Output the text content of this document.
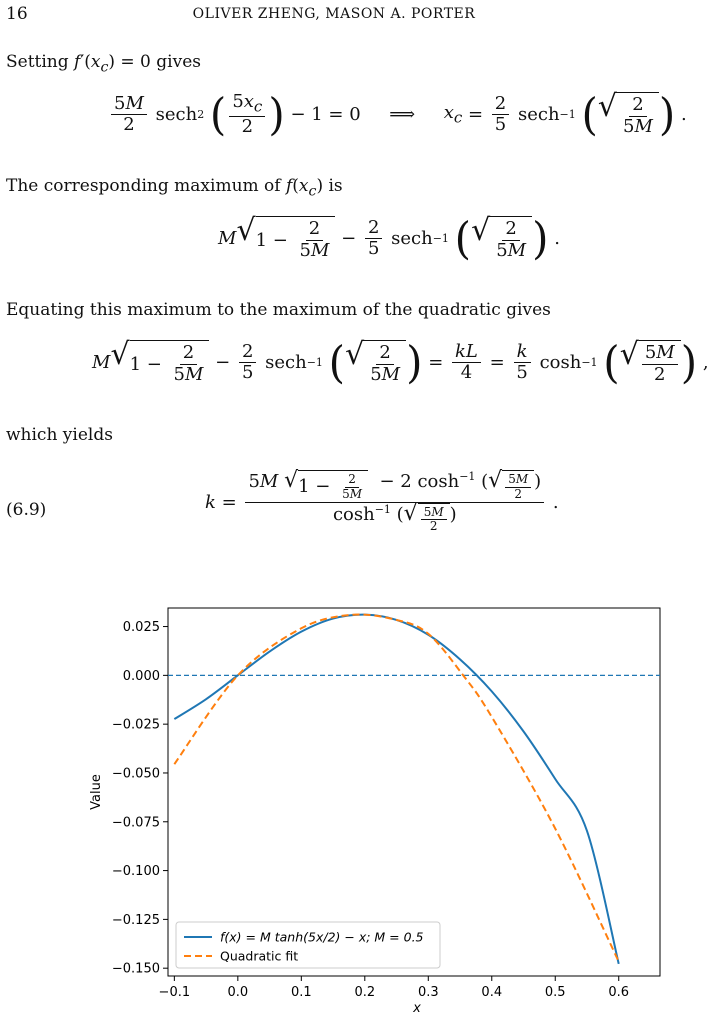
16	OLIVER ZHENG, MASON A. PORTER
Setting $f'(x_c) = 0$ gives
$\frac{5M}{2}$ sech 2
( $\frac{5x_c}{2}$ ) − 1 = 0     ⟹ $x_c = \frac{2}{5}$ sech −1
( √ $\frac{2}{5M}$ ) .
The corresponding maximum of $f(x_c)$ is
M √ $1 - \frac{2}{5M} - \frac{2}{5}$ sech −1
( √ $\frac{2}{5M}$ ) .
Equating this maximum to the maximum of the quadratic gives
M √ $1 - \frac{2}{5M} - \frac{2}{5}$ sech −1
( √ $\frac{2}{5M}$ ) = $\frac{kL}{4} = \frac{k}{5}$ cosh −1
( √ $\frac{5M}{2}$ ) ,
which yields
(6.9)	$k = \frac{5M √ 1 - \frac{2}{5M} - 2 \cosh^{-1} ( √ \frac{5M}{2} )}{\cosh^{-1} ( √ \frac{5M}{2} )}$ .
−0.1	0.0	0.1	0.2	0.3	0.4	0.5	0.6
0.025
0.000
−0.025
−0.050
−0.075
−0.100
−0.125
−0.150
x
Value
f(x) = M tanh(5x/2) − x; M = 0.5
Quadratic fit
